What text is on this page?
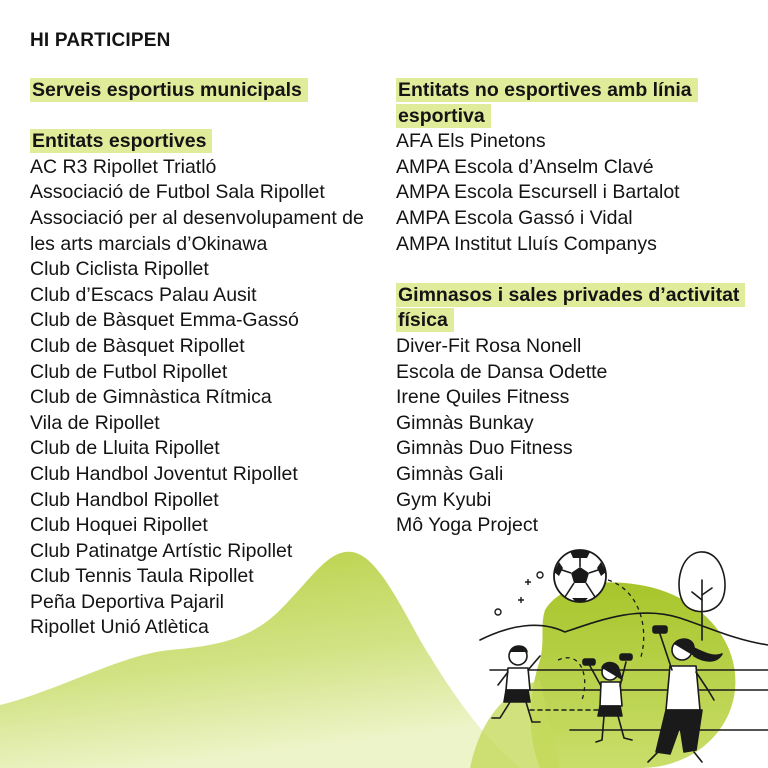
HI PARTICIPEN

Serveis esportius municipals

Entitats esportives

AC R3 Ripollet Triatló
Associació de Futbol Sala Ripollet
Associació per al desenvolupament de les arts marcials d’Okinawa
Club Ciclista Ripollet
Club d’Escacs Palau Ausit
Club de Bàsquet Emma-Gassó
Club de Bàsquet Ripollet
Club de Futbol Ripollet
Club de Gimnàstica Rítmica
Vila de Ripollet
Club de Lluita Ripollet
Club Handbol Joventut Ripollet
Club Handbol Ripollet
Club Hoquei Ripollet
Club Patinatge Artístic Ripollet
Club Tennis Taula Ripollet
Peña Deportiva Pajaril
Ripollet Unió Atlètica

Entitats no esportives amb línia esportiva

AFA Els Pinetons
AMPA Escola d’Anselm Clavé
AMPA Escola Escursell i Bartalot
AMPA Escola Gassó i Vidal
AMPA Institut Lluís Companys

Gimnasos i sales privades d’activitat física

Diver-Fit Rosa Nonell
Escola de Dansa Odette
Irene Quiles Fitness
Gimnàs Bunkay
Gimnàs Duo Fitness
Gimnàs Gali
Gym Kyubi
Mô Yoga Project
